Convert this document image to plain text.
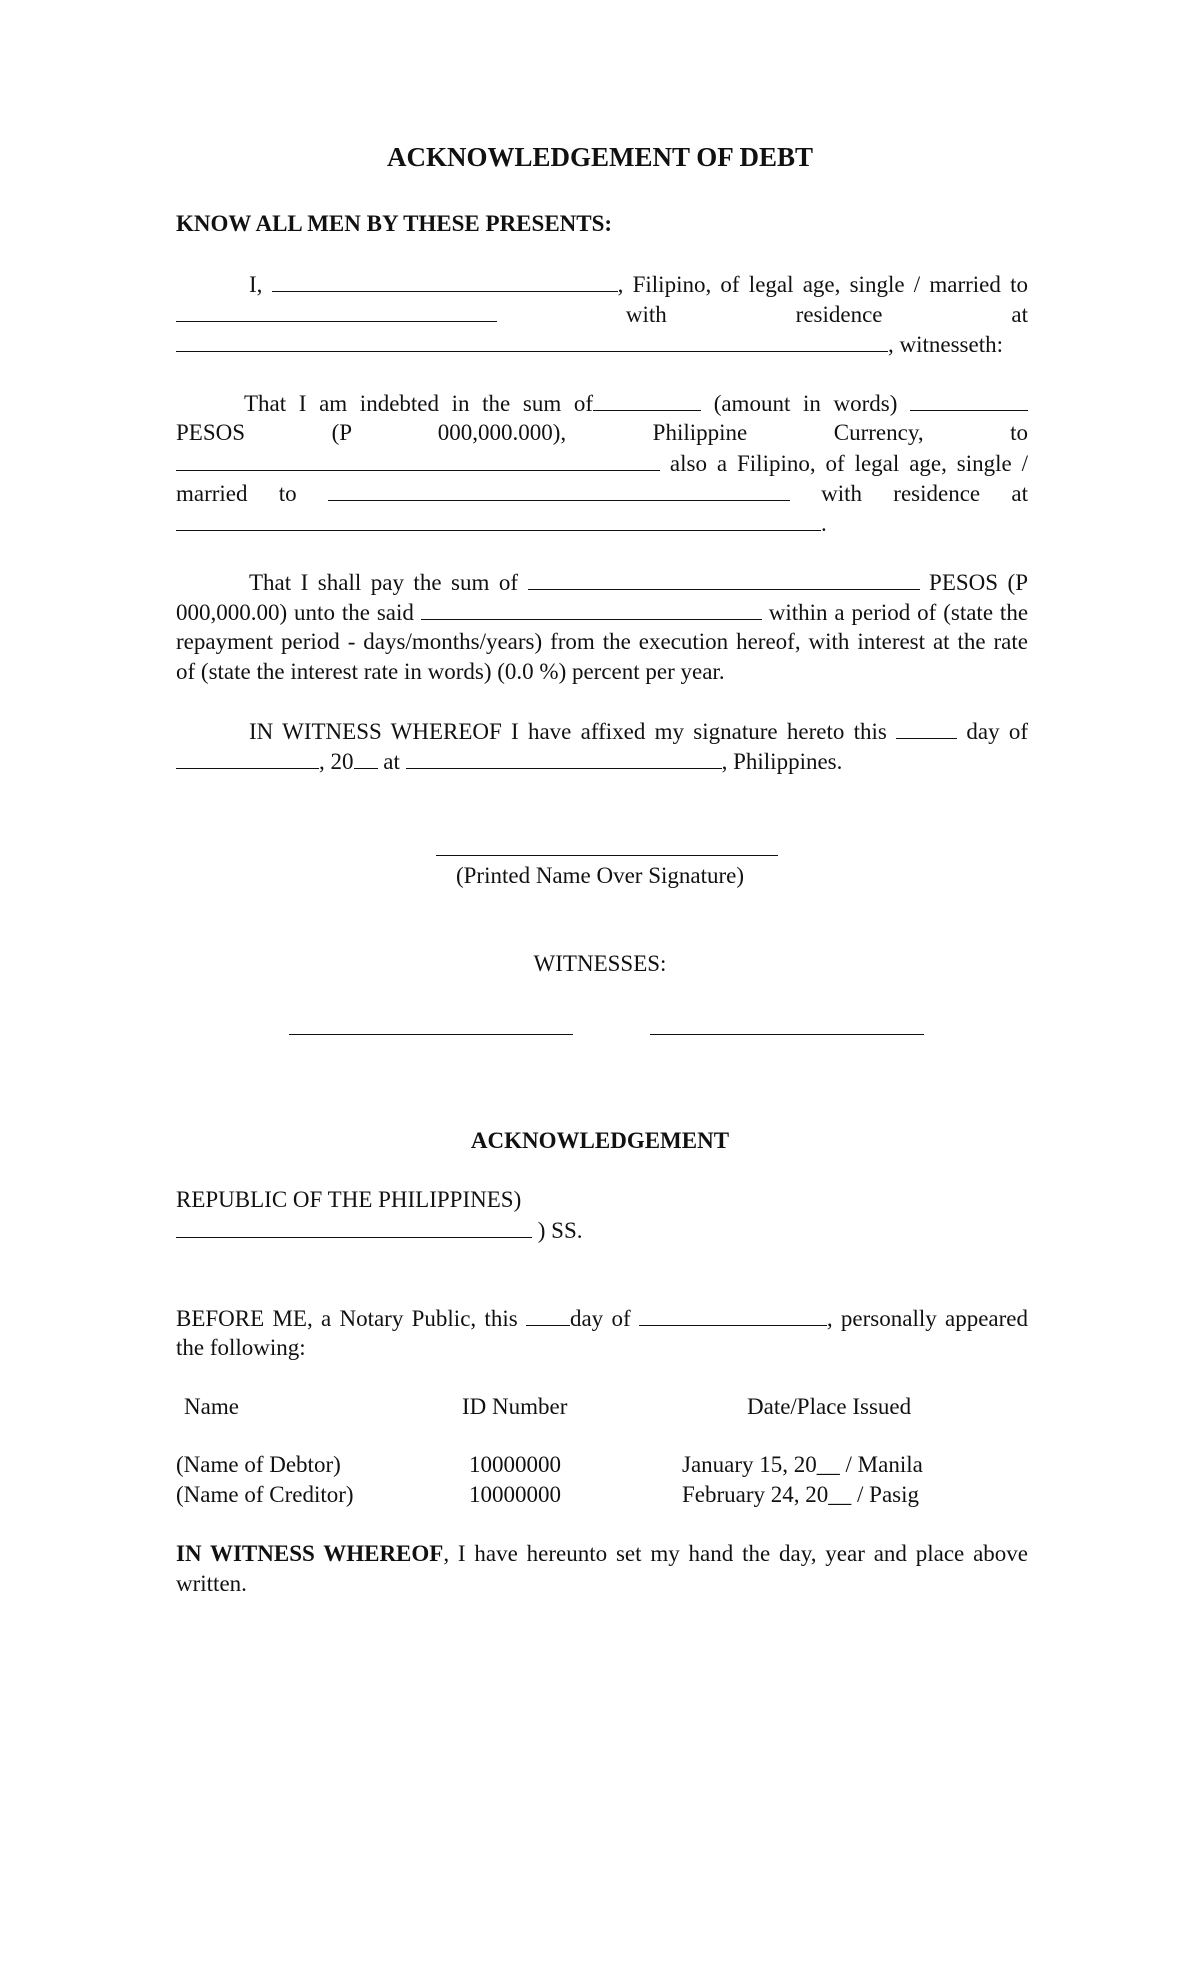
ACKNOWLEDGEMENT OF DEBT
KNOW ALL MEN BY THESE PRESENTS:
I,	, Filipino, of legal age, single / married to
with	residence	at
, witnesseth:
That I am indebted in the sum of	(amount in words)
PESOS	(P	000,000.000),	Philippine	Currency,	to
also a Filipino, of legal age, single /
married to	with residence at
.
That I shall pay the sum of	PESOS (P
000,000.00) unto the said	within a period of (state the
repayment period - days/months/years) from the execution hereof, with interest at the rate
of (state the interest rate in words) (0.0 %) percent per year.
IN WITNESS WHEREOF I have affixed my signature hereto this	day of
, 20 at	, Philippines.
(Printed Name Over Signature)
WITNESSES:
ACKNOWLEDGEMENT
REPUBLIC OF THE PHILIPPINES)
) SS.
BEFORE ME, a Notary Public, this day of	, personally appeared
the following:
Name	ID Number	Date/Place Issued
(Name of Debtor)	10000000	January 15, 20__ / Manila
(Name of Creditor)	10000000	February 24, 20__ / Pasig
IN WITNESS WHEREOF, I have hereunto set my hand the day, year and place above
written.
